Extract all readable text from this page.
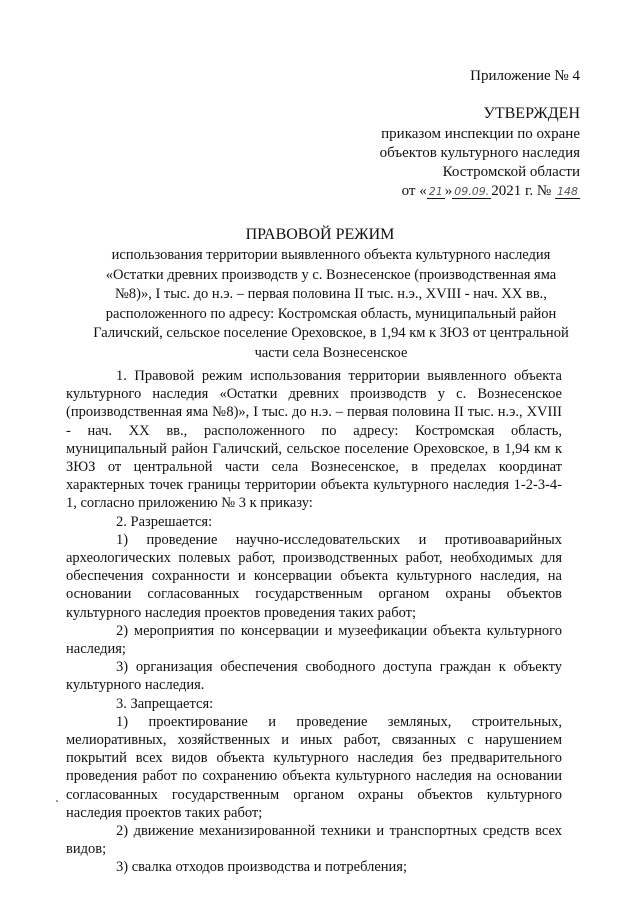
Приложение № 4
УТВЕРЖДЕН
приказом инспекции по охране
объектов культурного наследия
Костромской области
от « 21 » 09.09. 2021 г. № 148
ПРАВОВОЙ РЕЖИМ
использования территории выявленного объекта культурного наследия «Остатки древних производств у с. Вознесенское (производственная яма №8)», I тыс. до н.э. – первая половина II тыс. н.э., XVIII - нач. XX вв., расположенного по адресу: Костромская область, муниципальный район Галичский, сельское поселение Ореховское, в 1,94 км к ЗЮЗ от центральной части села Вознесенское

1. Правовой режим использования территории выявленного объекта культурного наследия «Остатки древних производств у с. Вознесенское (производственная яма №8)», I тыс. до н.э. – первая половина II тыс. н.э., XVIII - нач. XX вв., расположенного по адресу: Костромская область, муниципальный район Галичский, сельское поселение Ореховское, в 1,94 км к ЗЮЗ от центральной части села Вознесенское, в пределах координат характерных точек границы территории объекта культурного наследия 1-2-3-4-1, согласно приложению № 3 к приказу:

2. Разрешается:

1) проведение научно-исследовательских и противоаварийных археологических полевых работ, производственных работ, необходимых для обеспечения сохранности и консервации объекта культурного наследия, на основании согласованных государственным органом охраны объектов культурного наследия проектов проведения таких работ;

2) мероприятия по консервации и музеефикации объекта культурного наследия;

3) организация обеспечения свободного доступа граждан к объекту культурного наследия.

3. Запрещается:

1) проектирование и проведение земляных, строительных, мелиоративных, хозяйственных и иных работ, связанных с нарушением покрытий всех видов объекта культурного наследия без предварительного проведения работ по сохранению объекта культурного наследия на основании согласованных государственным органом охраны объектов культурного наследия проектов таких работ;

2) движение механизированной техники и транспортных средств всех видов;

3) свалка отходов производства и потребления;
